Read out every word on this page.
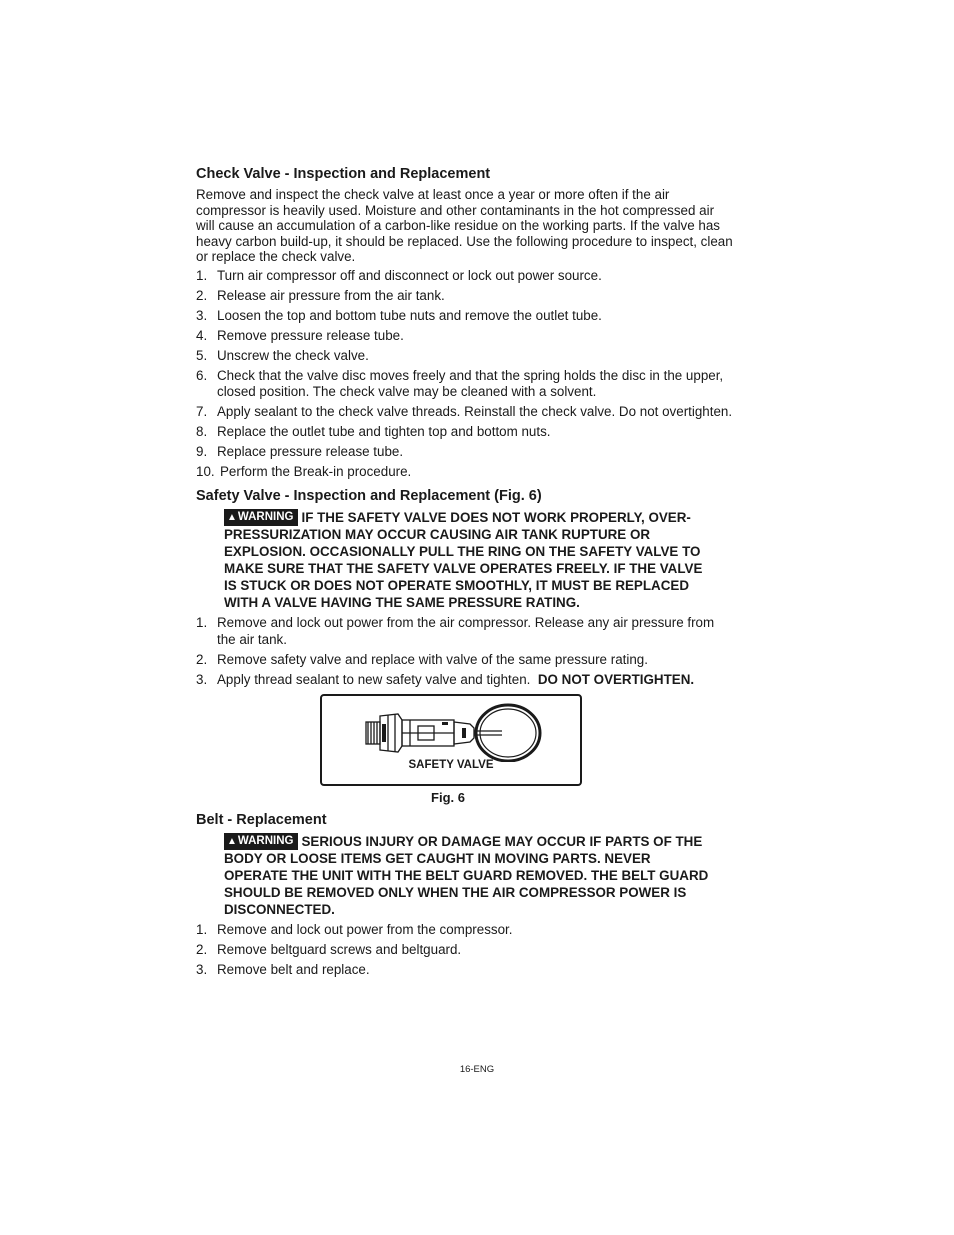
Check Valve - Inspection and Replacement

Remove and inspect the check valve at least once a year or more often if the air compressor is heavily used. Moisture and other contaminants in the hot compressed air will cause an accumulation of a carbon-like residue on the working parts. If the valve has heavy carbon build-up, it should be replaced. Use the following procedure to inspect, clean or replace the check valve.

1. Turn air compressor off and disconnect or lock out power source.
2. Release air pressure from the air tank.
3. Loosen the top and bottom tube nuts and remove the outlet tube.
4. Remove pressure release tube.
5. Unscrew the check valve.
6. Check that the valve disc moves freely and that the spring holds the disc in the upper, closed position. The check valve may be cleaned with a solvent.
7. Apply sealant to the check valve threads. Reinstall the check valve. Do not overtighten.
8. Replace the outlet tube and tighten top and bottom nuts.
9. Replace pressure release tube.
10. Perform the Break-in procedure.
Safety Valve - Inspection and Replacement (Fig. 6)
▲WARNING IF THE SAFETY VALVE DOES NOT WORK PROPERLY, OVER-PRESSURIZATION MAY OCCUR CAUSING AIR TANK RUPTURE OR EXPLOSION. OCCASIONALLY PULL THE RING ON THE SAFETY VALVE TO MAKE SURE THAT THE SAFETY VALVE OPERATES FREELY. IF THE VALVE IS STUCK OR DOES NOT OPERATE SMOOTHLY, IT MUST BE REPLACED WITH A VALVE HAVING THE SAME PRESSURE RATING.
1. Remove and lock out power from the air compressor. Release any air pressure from the air tank.
2. Remove safety valve and replace with valve of the same pressure rating.
3. Apply thread sealant to new safety valve and tighten. DO NOT OVERTIGHTEN.
SAFETY VALVE
Fig. 6
Belt - Replacement
▲WARNING SERIOUS INJURY OR DAMAGE MAY OCCUR IF PARTS OF THE BODY OR LOOSE ITEMS GET CAUGHT IN MOVING PARTS. NEVER OPERATE THE UNIT WITH THE BELT GUARD REMOVED. THE BELT GUARD SHOULD BE REMOVED ONLY WHEN THE AIR COMPRESSOR POWER IS DISCONNECTED.
1. Remove and lock out power from the compressor.
2. Remove beltguard screws and beltguard.
3. Remove belt and replace.
16-ENG
